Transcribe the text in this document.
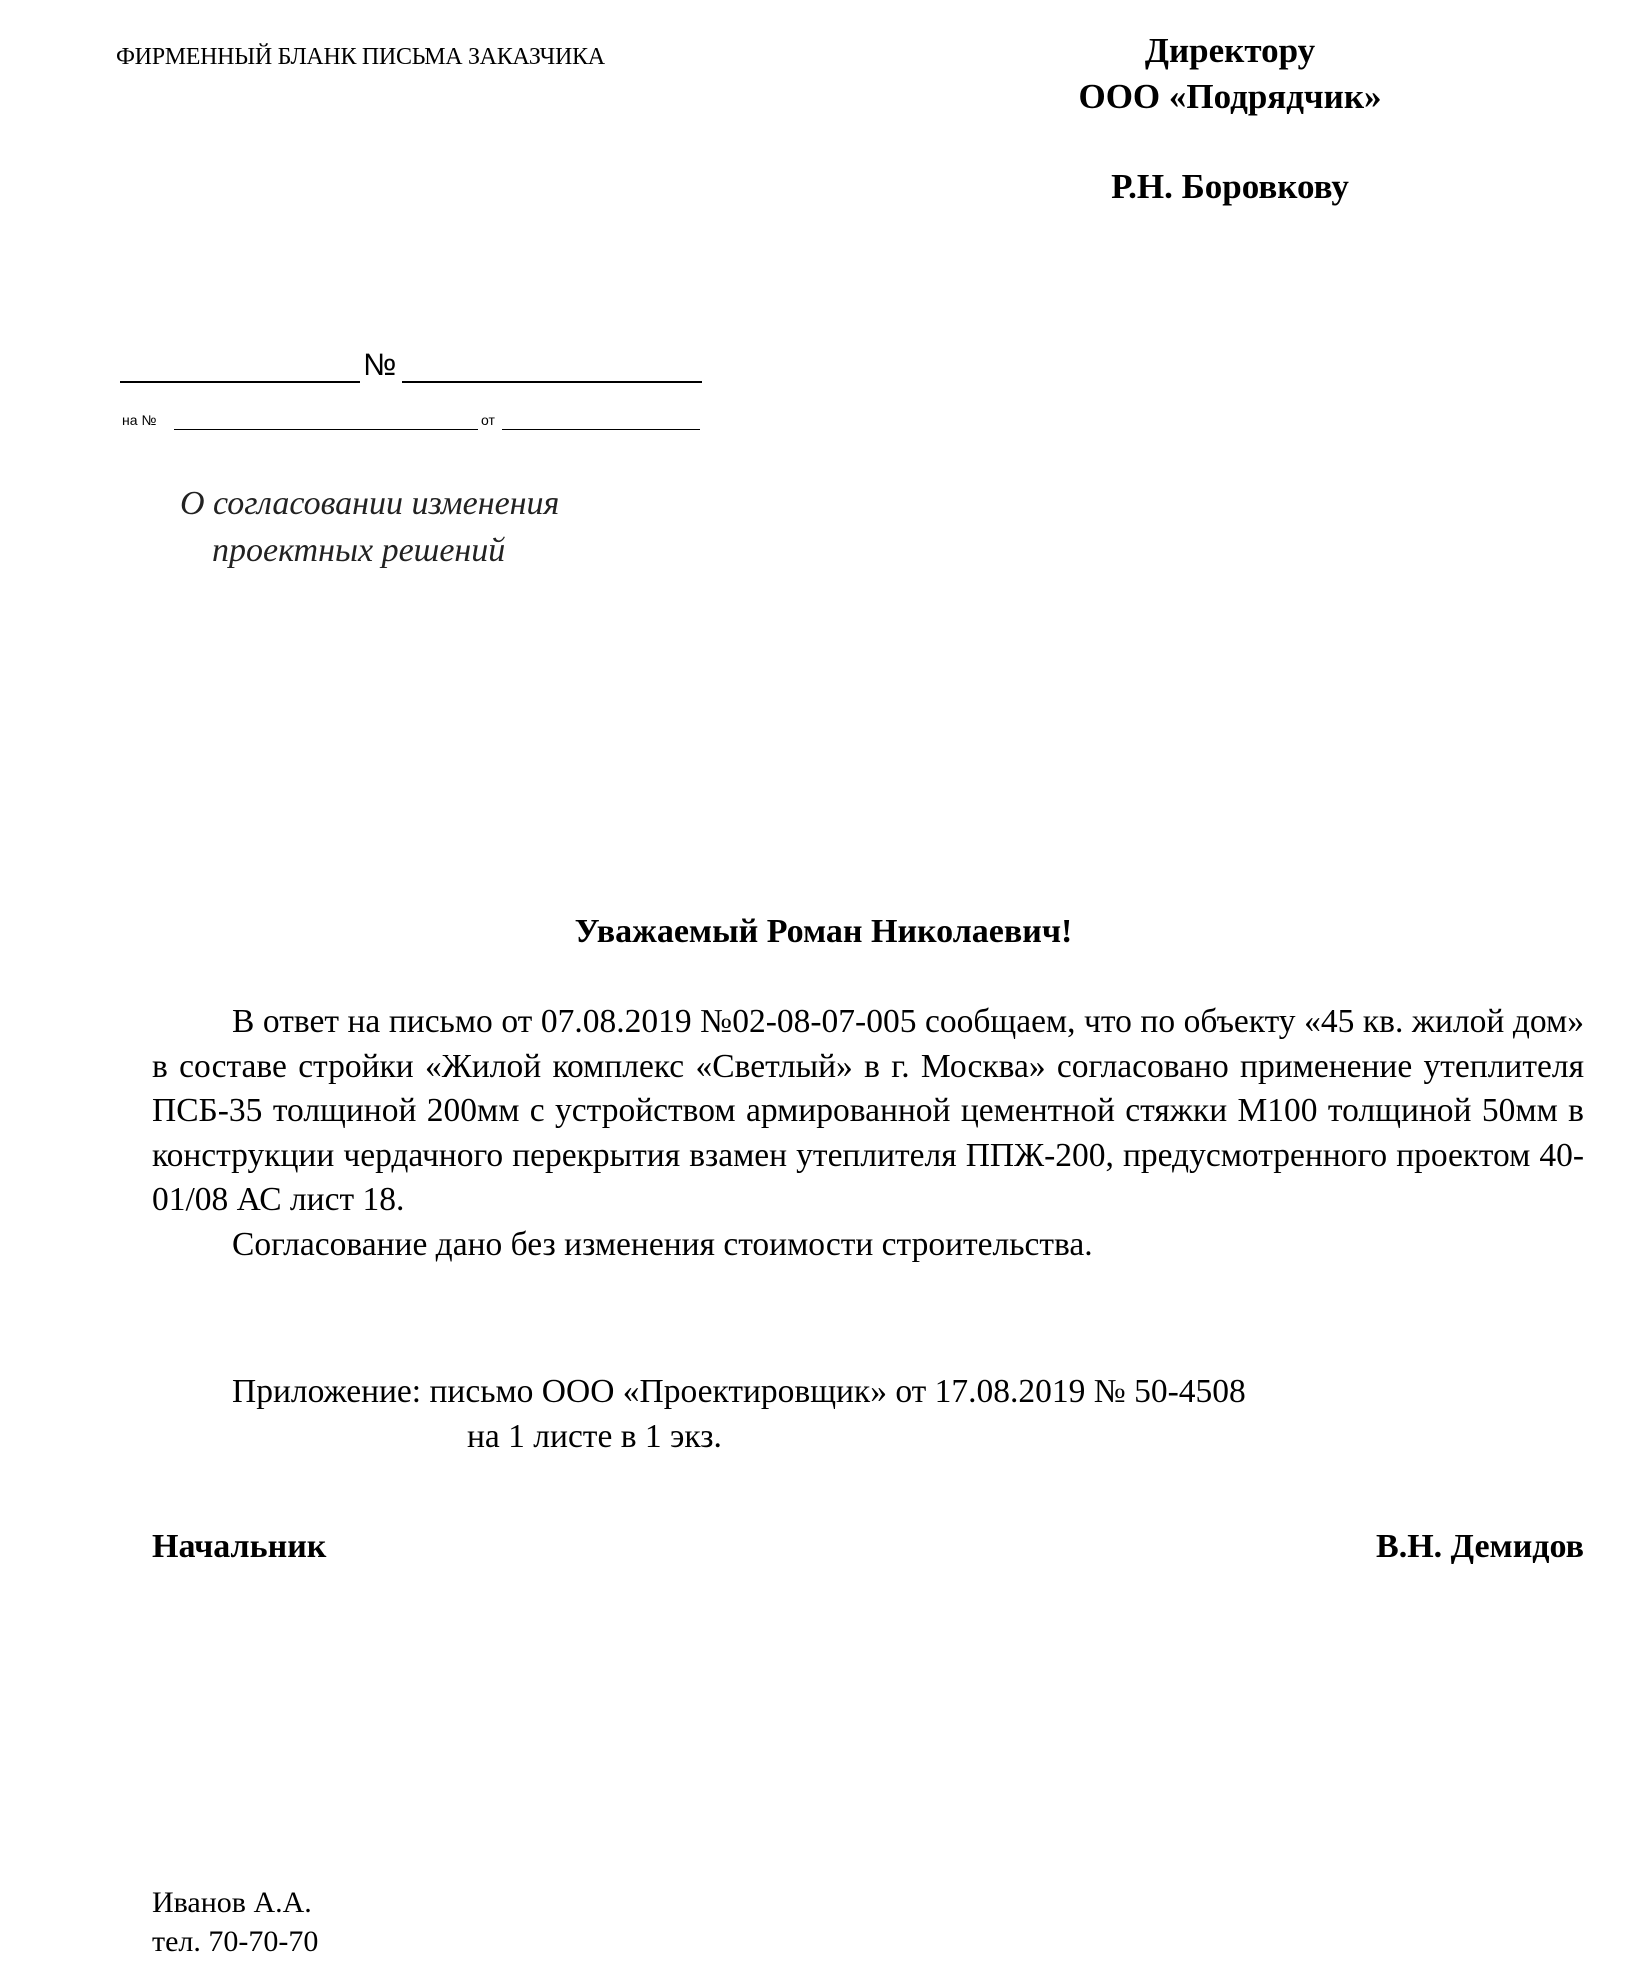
ФИРМЕННЫЙ БЛАНК ПИСЬМА ЗАКАЗЧИКА	Директору
ООО «Подрядчик»
Р.Н. Боровкову
№
на №	от
О согласовании изменения
проектных решений
Уважаемый Роман Николаевич!

В ответ на письмо от 07.08.2019 №02-08-07-005 сообщаем, что по объекту «45 кв. жилой дом» в составе стройки «Жилой комплекс «Светлый» в г. Москва» согласовано применение утеплителя ПСБ-35 толщиной 200мм с устройством армированной цементной стяжки М100 толщиной 50мм в конструкции чердачного перекрытия взамен утеплителя ППЖ-200, предусмотренного проектом 40-01/08 АС лист 18.

Согласование дано без изменения стоимости строительства.

Приложение: письмо ООО «Проектировщик» от 17.08.2019 № 50-4508
на 1 листе в 1 экз.
Начальник	В.Н. Демидов
Иванов А.А.
тел. 70-70-70
